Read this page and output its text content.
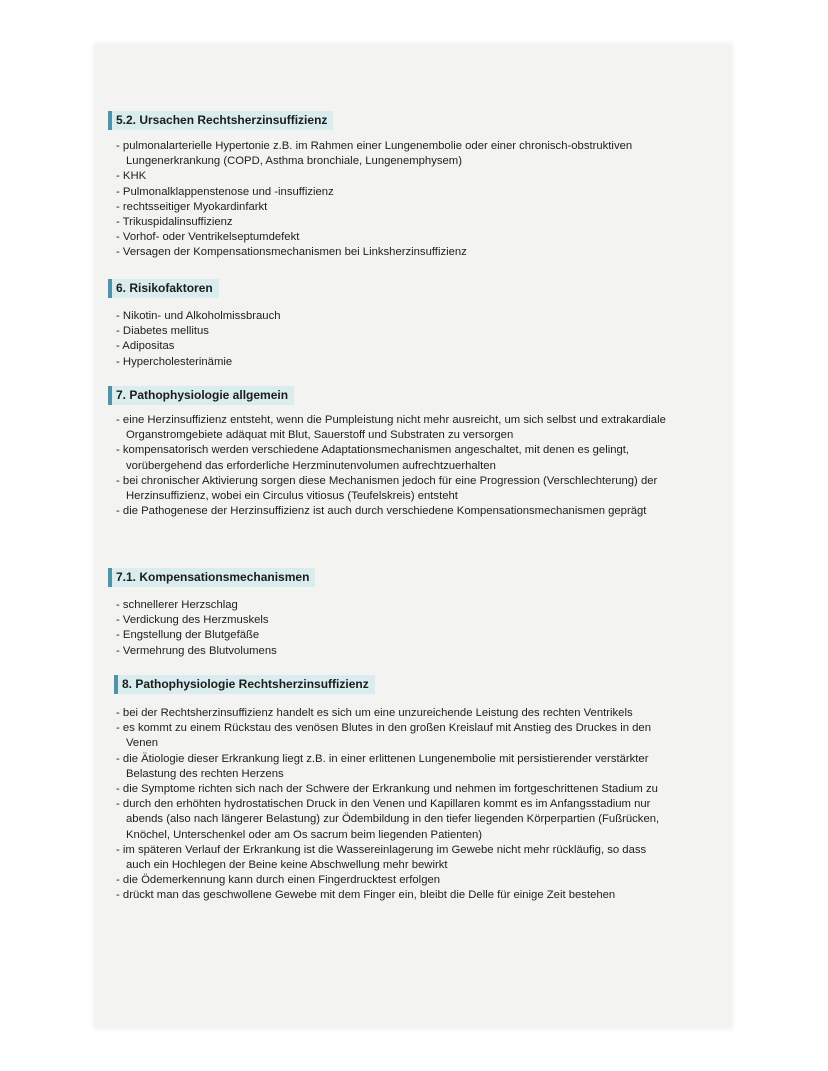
5.2. Ursachen Rechtsherzinsuffizienz
- pulmonalarterielle Hypertonie z.B. im Rahmen einer Lungenembolie oder einer chronisch-obstruktiven Lungenerkrankung (COPD, Asthma bronchiale, Lungenemphysem)
- KHK
- Pulmonalklappenstenose und -insuffizienz
- rechtsseitiger Myokardinfarkt
- Trikuspidalinsuffizienz
- Vorhof- oder Ventrikelseptumdefekt
- Versagen der Kompensationsmechanismen bei Linksherzinsuffizienz
6. Risikofaktoren
- Nikotin- und Alkoholmissbrauch
- Diabetes mellitus
- Adipositas
- Hypercholesterinämie
7. Pathophysiologie allgemein
- eine Herzinsuffizienz entsteht, wenn die Pumpleistung nicht mehr ausreicht, um sich selbst und extrakardiale Organstromgebiete adäquat mit Blut, Sauerstoff und Substraten zu versorgen
- kompensatorisch werden verschiedene Adaptationsmechanismen angeschaltet, mit denen es gelingt, vorübergehend das erforderliche Herzminutenvolumen aufrechtzuerhalten
- bei chronischer Aktivierung sorgen diese Mechanismen jedoch für eine Progression (Verschlechterung) der Herzinsuffizienz, wobei ein Circulus vitiosus (Teufelskreis) entsteht
- die Pathogenese der Herzinsuffizienz ist auch durch verschiedene Kompensationsmechanismen geprägt
7.1. Kompensationsmechanismen
- schnellerer Herzschlag
- Verdickung des Herzmuskels
- Engstellung der Blutgefäße
- Vermehrung des Blutvolumens
8. Pathophysiologie Rechtsherzinsuffizienz
- bei der Rechtsherzinsuffizienz handelt es sich um eine unzureichende Leistung des rechten Ventrikels
- es kommt zu einem Rückstau des venösen Blutes in den großen Kreislauf mit Anstieg des Druckes in den Venen
- die Ätiologie dieser Erkrankung liegt z.B. in einer erlittenen Lungenembolie mit persistierender verstärkter Belastung des rechten Herzens
- die Symptome richten sich nach der Schwere der Erkrankung und nehmen im fortgeschrittenen Stadium zu
- durch den erhöhten hydrostatischen Druck in den Venen und Kapillaren kommt es im Anfangsstadium nur abends (also nach längerer Belastung) zur Ödembildung in den tiefer liegenden Körperpartien (Fußrücken, Knöchel, Unterschenkel oder am Os sacrum beim liegenden Patienten)
- im späteren Verlauf der Erkrankung ist die Wassereinlagerung im Gewebe nicht mehr rückläufig, so dass auch ein Hochlegen der Beine keine Abschwellung mehr bewirkt
- die Ödemerkennung kann durch einen Fingerdrucktest erfolgen
- drückt man das geschwollene Gewebe mit dem Finger ein, bleibt die Delle für einige Zeit bestehen
